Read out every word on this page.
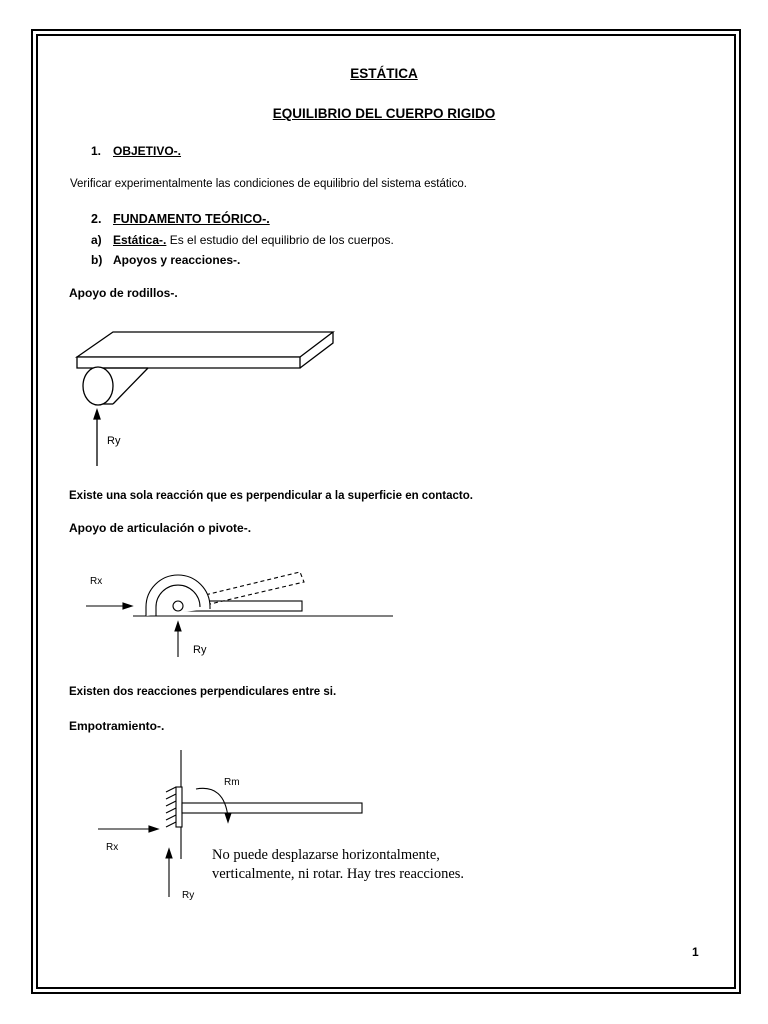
ESTÁTICA
EQUILIBRIO DEL CUERPO RIGIDO
1. OBJETIVO-.
Verificar experimentalmente las condiciones de equilibrio del sistema estático.
2. FUNDAMENTO TEÓRICO-.
a) Estática-. Es el estudio del equilibrio de los cuerpos.
b) Apoyos y reacciones-.
Apoyo de rodillos-.
Ry
Existe una sola reacción que es perpendicular a la superficie en contacto.
Apoyo de articulación o pivote-.
Rx
Ry
Existen dos reacciones perpendiculares entre si.
Empotramiento-.
Rm
Rx
Ry
No puede desplazarse horizontalmente,
verticalmente, ni rotar. Hay tres reacciones.
1
